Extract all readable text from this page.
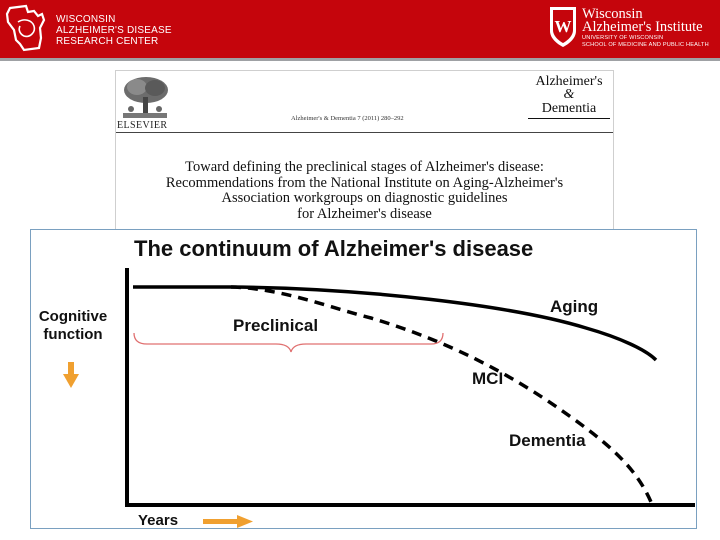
WISCONSIN
ALZHEIMER'S DISEASE
RESEARCH CENTER
W
Wisconsin
Alzheimer's Institute
UNIVERSITY OF WISCONSIN
SCHOOL OF MEDICINE AND PUBLIC HEALTH
ELSEVIER
Alzheimer's & Dementia 7 (2011) 280–292
Alzheimer's
&
Dementia
Toward defining the preclinical stages of Alzheimer's disease:
Recommendations from the National Institute on Aging-Alzheimer's
Association workgroups on diagnostic guidelines
for Alzheimer's disease
The continuum of Alzheimer's disease
Cognitive
function
Years
Preclinical
Aging
MCI
Dementia
